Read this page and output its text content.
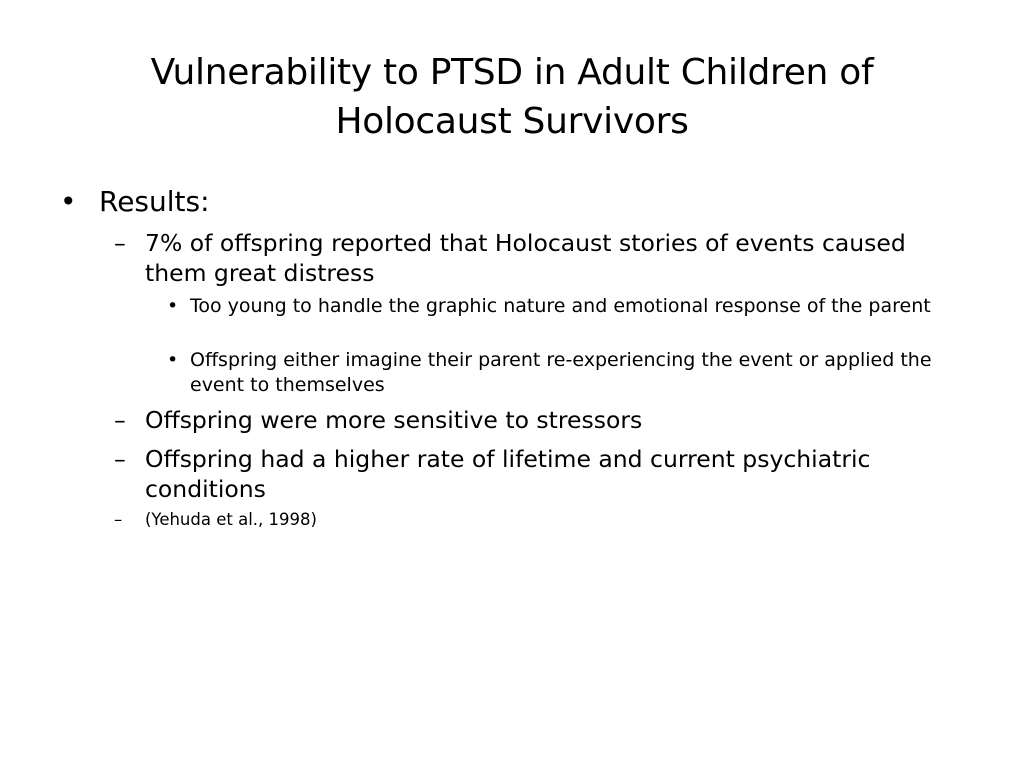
Vulnerability to PTSD in Adult Children of
Holocaust Survivors
• Results:
– 7% of offspring reported that Holocaust stories of events caused them great distress
• Too young to handle the graphic nature and emotional response of the parent
• Offspring either imagine their parent re-experiencing the event or applied the event to themselves
– Offspring were more sensitive to stressors
– Offspring had a higher rate of lifetime and current psychiatric conditions
– (Yehuda et al., 1998)
